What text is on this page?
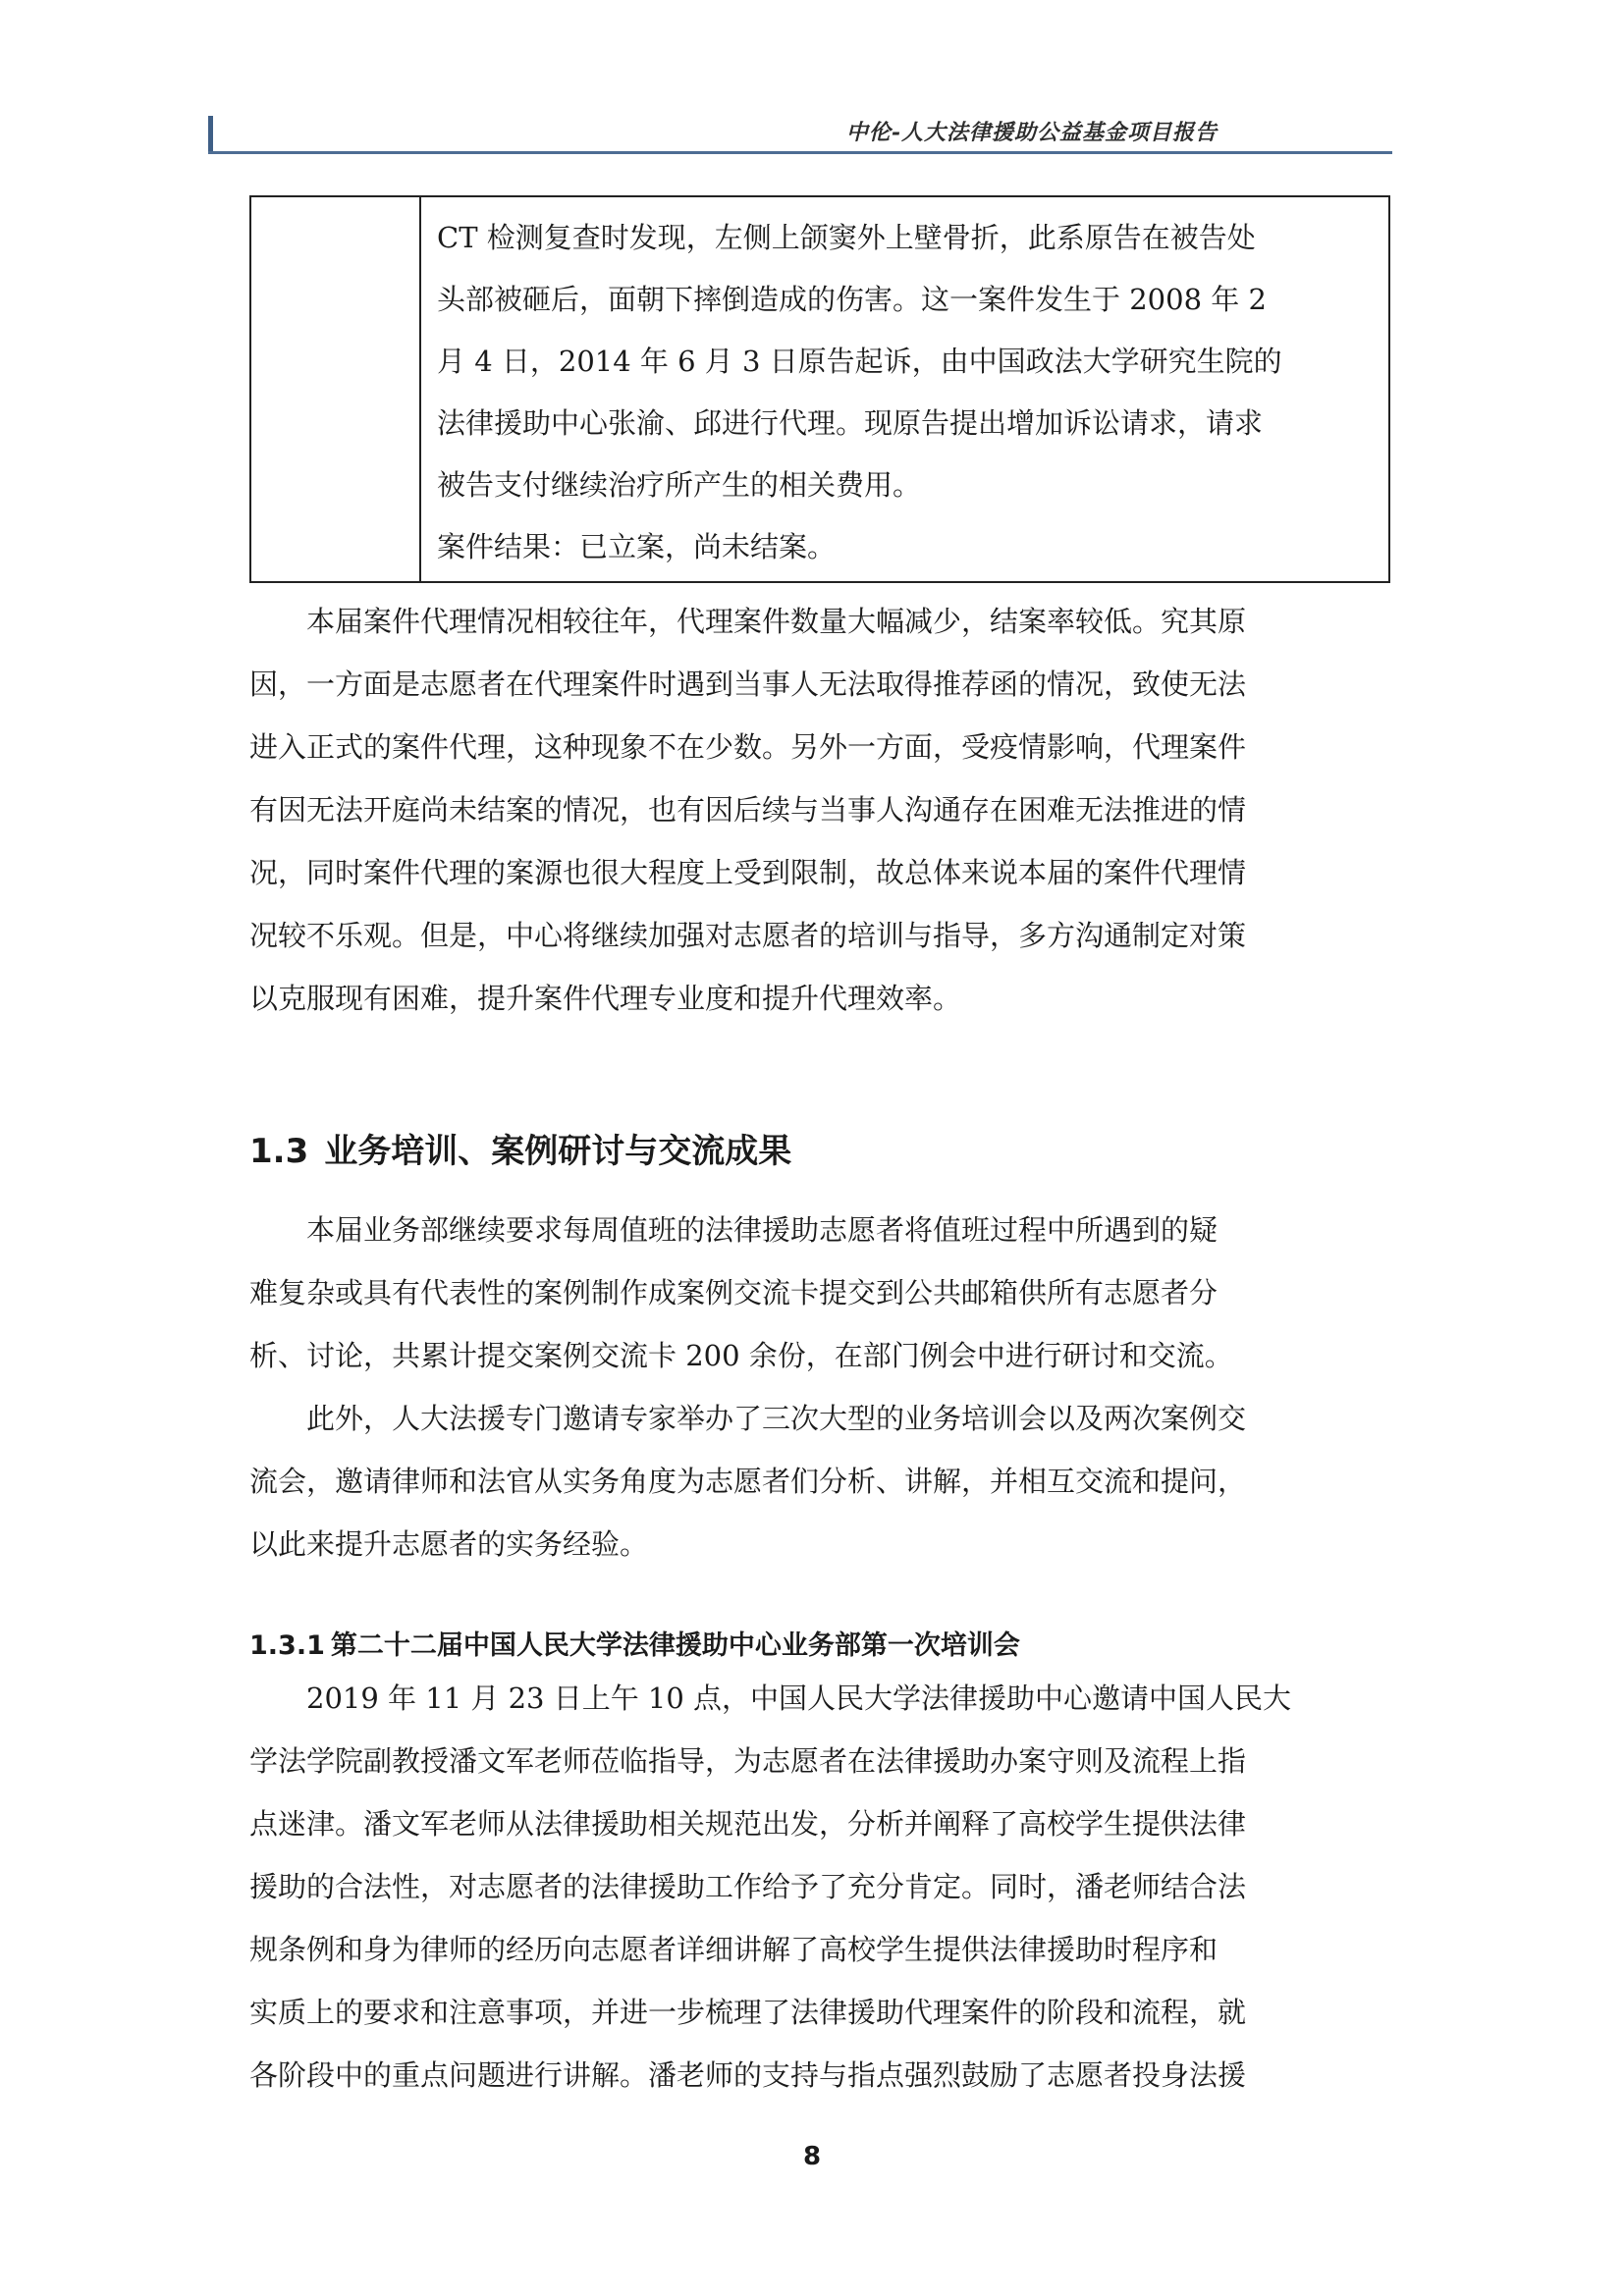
中伦-人大法律援助公益基金项目报告
CT 检测复查时发现，左侧上颌窦外上壁骨折，此系原告在被告处
头部被砸后，面朝下摔倒造成的伤害。这一案件发生于 2008 年 2
月 4 日，2014 年 6 月 3 日原告起诉，由中国政法大学研究生院的
法律援助中心张渝、邱进行代理。现原告提出增加诉讼请求，请求
被告支付继续治疗所产生的相关费用。
案件结果：已立案，尚未结案。
本届案件代理情况相较往年，代理案件数量大幅减少，结案率较低。究其原
因，一方面是志愿者在代理案件时遇到当事人无法取得推荐函的情况，致使无法
进入正式的案件代理，这种现象不在少数。另外一方面，受疫情影响，代理案件
有因无法开庭尚未结案的情况，也有因后续与当事人沟通存在困难无法推进的情
况，同时案件代理的案源也很大程度上受到限制，故总体来说本届的案件代理情
况较不乐观。但是，中心将继续加强对志愿者的培训与指导，多方沟通制定对策
以克服现有困难，提升案件代理专业度和提升代理效率。
1.3 业务培训、案例研讨与交流成果
本届业务部继续要求每周值班的法律援助志愿者将值班过程中所遇到的疑
难复杂或具有代表性的案例制作成案例交流卡提交到公共邮箱供所有志愿者分
析、讨论，共累计提交案例交流卡 200 余份，在部门例会中进行研讨和交流。
此外，人大法援专门邀请专家举办了三次大型的业务培训会以及两次案例交
流会，邀请律师和法官从实务角度为志愿者们分析、讲解，并相互交流和提问，
以此来提升志愿者的实务经验。
1.3.1 第二十二届中国人民大学法律援助中心业务部第一次培训会
2019 年 11 月 23 日上午 10 点，中国人民大学法律援助中心邀请中国人民大
学法学院副教授潘文军老师莅临指导，为志愿者在法律援助办案守则及流程上指
点迷津。潘文军老师从法律援助相关规范出发，分析并阐释了高校学生提供法律
援助的合法性，对志愿者的法律援助工作给予了充分肯定。同时，潘老师结合法
规条例和身为律师的经历向志愿者详细讲解了高校学生提供法律援助时程序和
实质上的要求和注意事项，并进一步梳理了法律援助代理案件的阶段和流程，就
各阶段中的重点问题进行讲解。潘老师的支持与指点强烈鼓励了志愿者投身法援
8
